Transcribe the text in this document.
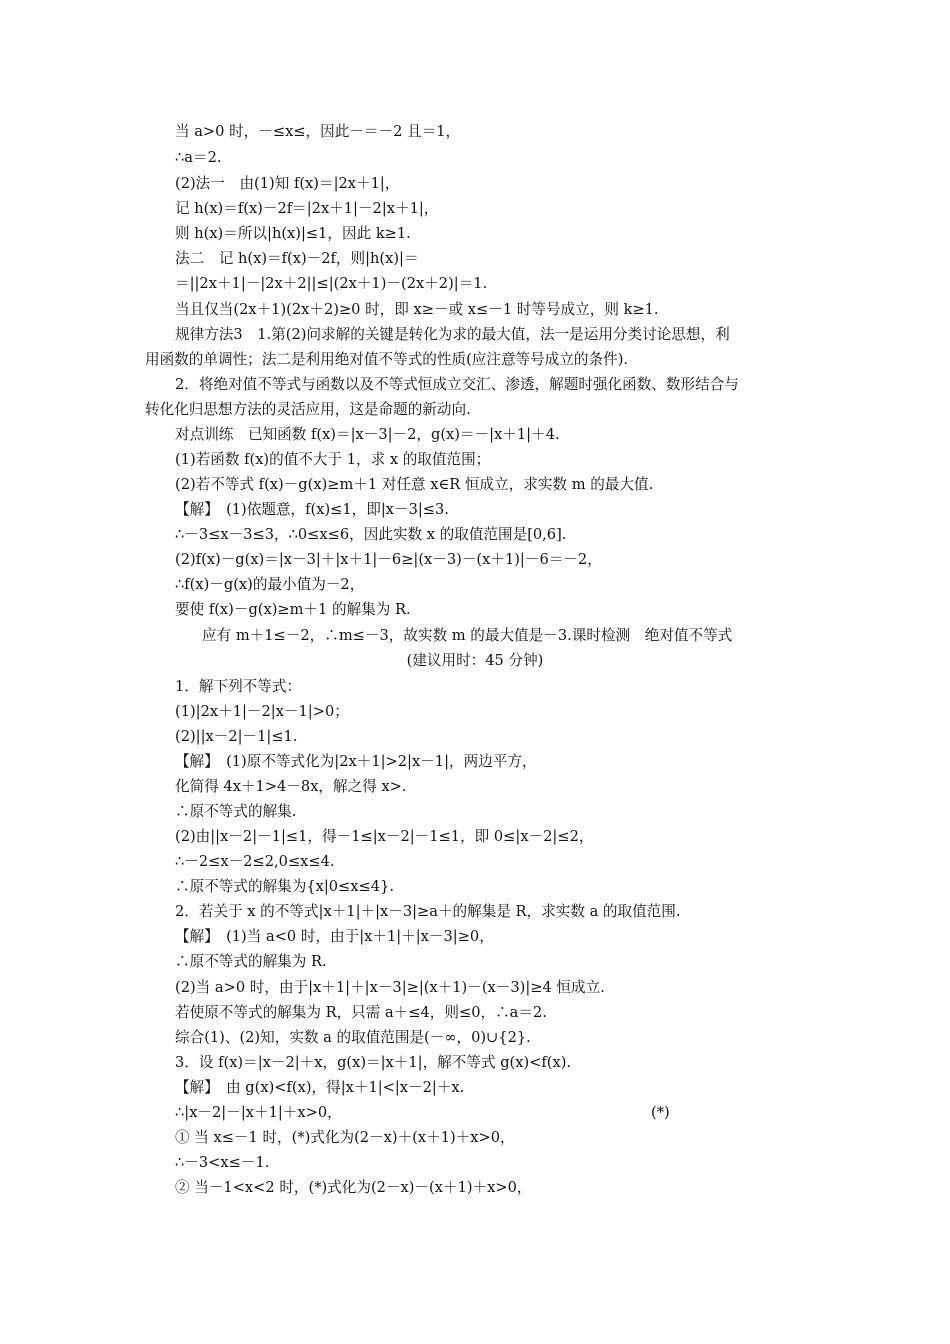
当 a>0 时，－≤x≤，因此－＝－2 且＝1，
∴a＝2.
(2)法一　由(1)知 f(x)＝|2x＋1|，
记 h(x)＝f(x)－2f＝|2x＋1|－2|x＋1|，
则 h(x)＝所以|h(x)|≤1，因此 k≥1.
法二　记 h(x)＝f(x)－2f，则|h(x)|＝
＝||2x＋1|－|2x＋2||≤|(2x＋1)－(2x＋2)|＝1.
当且仅当(2x＋1)(2x＋2)≥0 时，即 x≥－或 x≤－1 时等号成立，则 k≥1.
规律方法3　1.第(2)问求解的关键是转化为求的最大值，法一是运用分类讨论思想，利
用函数的单调性；法二是利用绝对值不等式的性质(应注意等号成立的条件).
2．将绝对值不等式与函数以及不等式恒成立交汇、渗透，解题时强化函数、数形结合与
转化化归思想方法的灵活应用，这是命题的新动向.
对点训练　已知函数 f(x)＝|x－3|－2，g(x)＝－|x＋1|＋4.
(1)若函数 f(x)的值不大于 1，求 x 的取值范围；
(2)若不等式 f(x)－g(x)≥m＋1 对任意 x∈R 恒成立，求实数 m 的最大值.
【解】　(1)依题意，f(x)≤1，即|x－3|≤3.
∴－3≤x－3≤3，∴0≤x≤6，因此实数 x 的取值范围是[0,6].
(2)f(x)－g(x)＝|x－3|＋|x＋1|－6≥|(x－3)－(x＋1)|－6＝－2，
∴f(x)－g(x)的最小值为－2，
要使 f(x)－g(x)≥m＋1 的解集为 R.
应有 m＋1≤－2，∴m≤－3，故实数 m 的最大值是－3.课时检测　绝对值不等式
(建议用时：45 分钟)
1．解下列不等式：
(1)|2x＋1|－2|x－1|>0；
(2)||x－2|－1|≤1.
【解】　(1)原不等式化为|2x＋1|>2|x－1|，两边平方，
化简得 4x＋1>4－8x，解之得 x>.
∴原不等式的解集.
(2)由||x－2|－1|≤1，得－1≤|x－2|－1≤1，即 0≤|x－2|≤2，
∴－2≤x－2≤2,0≤x≤4.
∴原不等式的解集为{x|0≤x≤4}.
2．若关于 x 的不等式|x＋1|＋|x－3|≥a＋的解集是 R，求实数 a 的取值范围.
【解】　(1)当 a<0 时，由于|x＋1|＋|x－3|≥0，
∴原不等式的解集为 R.
(2)当 a>0 时，由于|x＋1|＋|x－3|≥|(x＋1)－(x－3)|≥4 恒成立.
若使原不等式的解集为 R，只需 a＋≤4，则≤0，∴a＝2.
综合(1)、(2)知，实数 a 的取值范围是(－∞，0)∪{2}.
3．设 f(x)＝|x－2|＋x，g(x)＝|x＋1|，解不等式 g(x)<f(x).
【解】　由 g(x)<f(x)，得|x＋1|<|x－2|＋x.
∴|x－2|－|x＋1|＋x>0，	(*)
① 当 x≤－1 时，(*)式化为(2－x)＋(x＋1)＋x>0，
∴－3<x≤－1.
② 当－1<x<2 时，(*)式化为(2－x)－(x＋1)＋x>0，
